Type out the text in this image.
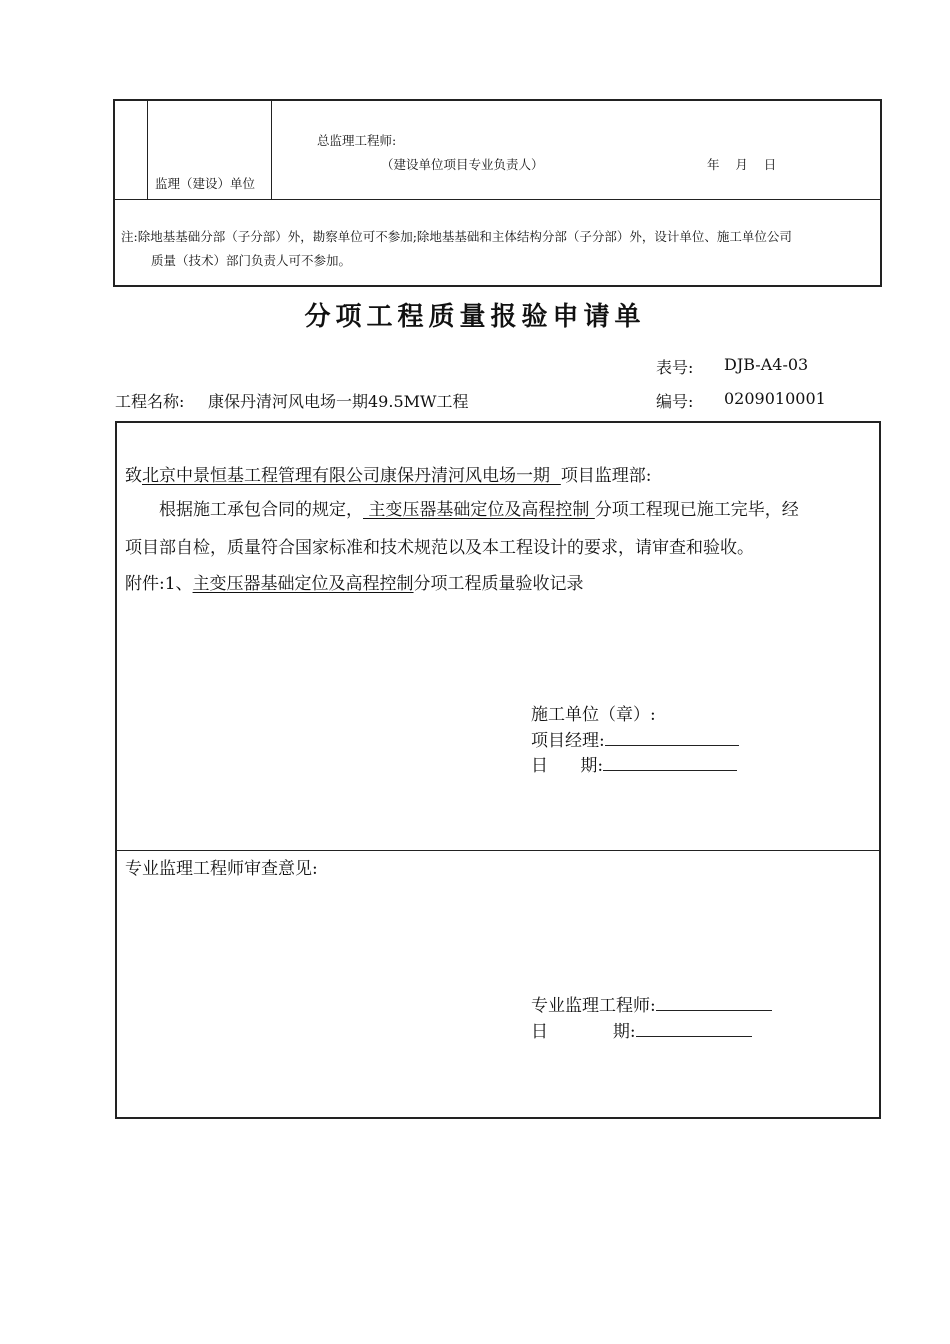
总监理工程师:
（建设单位项目专业负责人）	年    月    日
监理（建设）单位
注:除地基基础分部（子分部）外，勘察单位可不参加;除地基基础和主体结构分部（子分部）外，设计单位、施工单位公司
质量（技术）部门负责人可不参加。
分项工程质量报验申请单
表号: DJB-A4-03
工程名称: 康保丹清河风电场一期49.5MW工程	编号: 0209010001
致北京中景恒基工程管理有限公司康保丹清河风电场一期  项目监理部:
根据施工承包合同的规定， 主变压器基础定位及高程控制 分项工程现已施工完毕，经
项目部自检，质量符合国家标准和技术规范以及本工程设计的要求，请审查和验收。
附件:1、主变压器基础定位及高程控制分项工程质量验收记录
施工单位（章）:
项目经理:
日      期:
专业监理工程师审查意见:
专业监理工程师:
日            期:
